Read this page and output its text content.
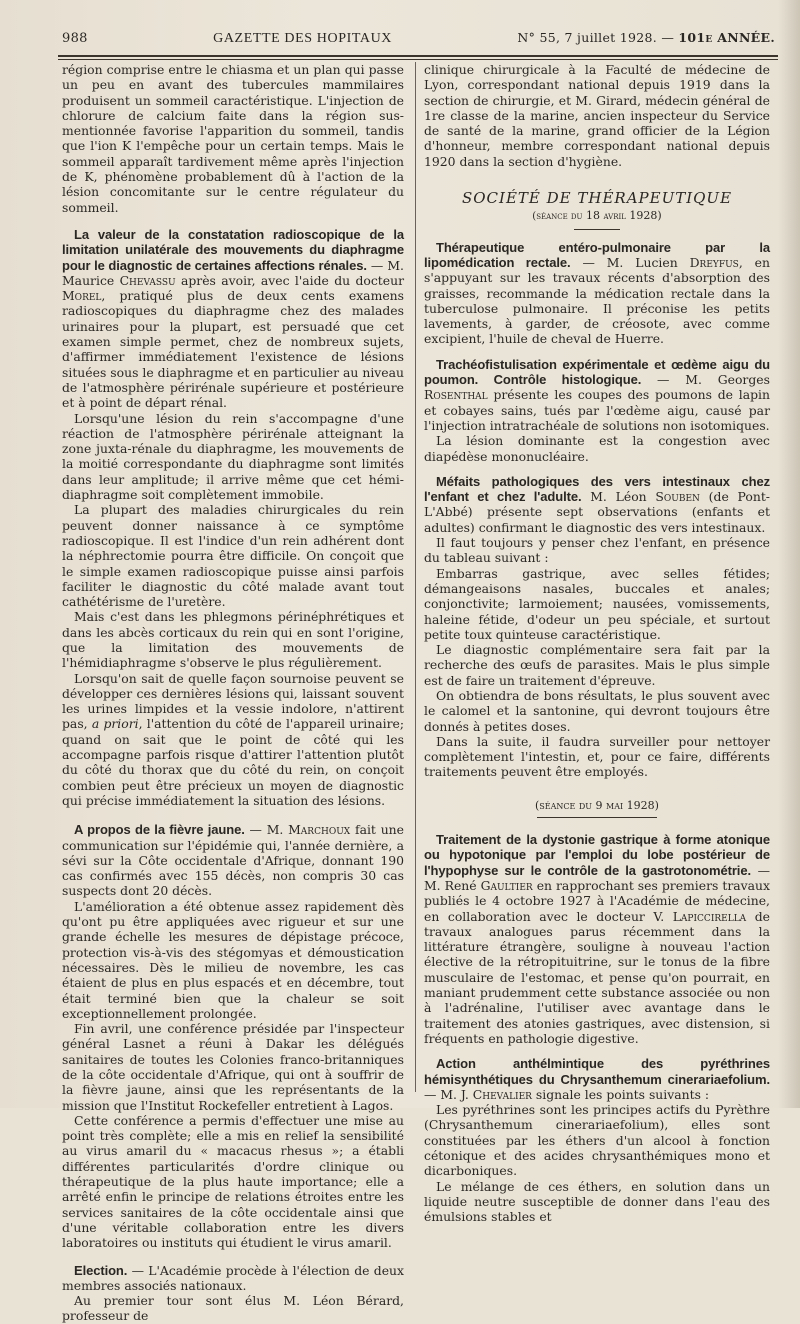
988	GAZETTE DES HOPITAUX	N° 55, 7 juillet 1928. — 101e ANNÉE.

région comprise entre le chiasma et un plan qui passe un peu en avant des tubercules mammilaires produisent un sommeil caractéristique. L'injection de chlorure de calcium faite dans la région sus-mentionnée favorise l'apparition du sommeil, tandis que l'ion K l'empêche pour un certain temps. Mais le sommeil apparaît tardivement même après l'injection de K, phénomène probablement dû à l'action de la lésion concomitante sur le centre régulateur du sommeil.

La valeur de la constatation radioscopique de la limitation unilatérale des mouvements du diaphragme pour le diagnostic de certaines affections rénales. — M. Maurice Chevassu après avoir, avec l'aide du docteur Morel, pratiqué plus de deux cents examens radioscopiques du diaphragme chez des malades urinaires pour la plupart, est persuadé que cet examen simple permet, chez de nombreux sujets, d'affirmer immédiatement l'existence de lésions situées sous le diaphragme et en particulier au niveau de l'atmosphère périrénale supérieure et postérieure et à point de départ rénal.

Lorsqu'une lésion du rein s'accompagne d'une réaction de l'atmosphère périrénale atteignant la zone juxta-rénale du diaphragme, les mouvements de la moitié correspondante du diaphragme sont limités dans leur amplitude; il arrive même que cet hémi-diaphragme soit complètement immobile.

La plupart des maladies chirurgicales du rein peuvent donner naissance à ce symptôme radioscopique. Il est l'indice d'un rein adhérent dont la néphrectomie pourra être difficile. On conçoit que le simple examen radioscopique puisse ainsi parfois faciliter le diagnostic du côté malade avant tout cathétérisme de l'uretère.

Mais c'est dans les phlegmons périnéphrétiques et dans les abcès corticaux du rein qui en sont l'origine, que la limitation des mouvements de l'hémidiaphragme s'observe le plus régulièrement.

Lorsqu'on sait de quelle façon sournoise peuvent se développer ces dernières lésions qui, laissant souvent les urines limpides et la vessie indolore, n'attirent pas, a priori, l'attention du côté de l'appareil urinaire; quand on sait que le point de côté qui les accompagne parfois risque d'attirer l'attention plutôt du côté du thorax que du côté du rein, on conçoit combien peut être précieux un moyen de diagnostic qui précise immédiatement la situation des lésions.

A propos de la fièvre jaune. — M. Marchoux fait une communication sur l'épidémie qui, l'année dernière, a sévi sur la Côte occidentale d'Afrique, donnant 190 cas confirmés avec 155 décès, non compris 30 cas suspects dont 20 décès.

L'amélioration a été obtenue assez rapidement dès qu'ont pu être appliquées avec rigueur et sur une grande échelle les mesures de dépistage précoce, protection vis-à-vis des stégomyas et démoustication nécessaires. Dès le milieu de novembre, les cas étaient de plus en plus espacés et en décembre, tout était terminé bien que la chaleur se soit exceptionnellement prolongée.

Fin avril, une conférence présidée par l'inspecteur général Lasnet a réuni à Dakar les délégués sanitaires de toutes les Colonies franco-britanniques de la côte occidentale d'Afrique, qui ont à souffrir de la fièvre jaune, ainsi que les représentants de la mission que l'Institut Rockefeller entretient à Lagos.

Cette conférence a permis d'effectuer une mise au point très complète; elle a mis en relief la sensibilité au virus amaril du « macacus rhesus »; a établi différentes particularités d'ordre clinique ou thérapeutique de la plus haute importance; elle a arrêté enfin le principe de relations étroites entre les services sanitaires de la côte occidentale ainsi que d'une véritable collaboration entre les divers laboratoires ou instituts qui étudient le virus amaril.

Election. — L'Académie procède à l'élection de deux membres associés nationaux.

Au premier tour sont élus M. Léon Bérard, professeur de

clinique chirurgicale à la Faculté de médecine de Lyon, correspondant national depuis 1919 dans la section de chirurgie, et M. Girard, médecin général de 1re classe de la marine, ancien inspecteur du Service de santé de la marine, grand officier de la Légion d'honneur, membre correspondant national depuis 1920 dans la section d'hygiène.

SOCIÉTÉ DE THÉRAPEUTIQUE

(séance du 18 avril 1928)

Thérapeutique entéro-pulmonaire par la lipomédication rectale. — M. Lucien Dreyfus, en s'appuyant sur les travaux récents d'absorption des graisses, recommande la médication rectale dans la tuberculose pulmonaire. Il préconise les petits lavements, à garder, de créosote, avec comme excipient, l'huile de cheval de Huerre.

Trachéofistulisation expérimentale et œdème aigu du poumon. Contrôle histologique. — M. Georges Rosenthal présente les coupes des poumons de lapin et cobayes sains, tués par l'œdème aigu, causé par l'injection intratrachéale de solutions non isotomiques.

La lésion dominante est la congestion avec diapédèse mononucléaire.

Méfaits pathologiques des vers intestinaux chez l'enfant et chez l'adulte. M. Léon Souben (de Pont-L'Abbé) présente sept observations (enfants et adultes) confirmant le diagnostic des vers intestinaux.

Il faut toujours y penser chez l'enfant, en présence du tableau suivant :

Embarras gastrique, avec selles fétides; démangeaisons nasales, buccales et anales; conjonctivite; larmoiement; nausées, vomissements, haleine fétide, d'odeur un peu spéciale, et surtout petite toux quinteuse caractéristique.

Le diagnostic complémentaire sera fait par la recherche des œufs de parasites. Mais le plus simple est de faire un traitement d'épreuve.

On obtiendra de bons résultats, le plus souvent avec le calomel et la santonine, qui devront toujours être donnés à petites doses.

Dans la suite, il faudra surveiller pour nettoyer complètement l'intestin, et, pour ce faire, différents traitements peuvent être employés.

(séance du 9 mai 1928)

Traitement de la dystonie gastrique à forme atonique ou hypotonique par l'emploi du lobe postérieur de l'hypophyse sur le contrôle de la gastrotonométrie. — M. René Gaultier en rapprochant ses premiers travaux publiés le 4 octobre 1927 à l'Académie de médecine, en collaboration avec le docteur V. Lapiccirella de travaux analogues parus récemment dans la littérature étrangère, souligne à nouveau l'action élective de la rétropituitrine, sur le tonus de la fibre musculaire de l'estomac, et pense qu'on pourrait, en maniant prudemment cette substance associée ou non à l'adrénaline, l'utiliser avec avantage dans le traitement des atonies gastriques, avec distension, si fréquents en pathologie digestive.

Action anthélmintique des pyréthrines hémisynthétiques du Chrysanthemum cinerariaefolium. — M. J. Chevalier signale les points suivants :

Les pyréthrines sont les principes actifs du Pyrèthre (Chrysanthemum cinerariaefolium), elles sont constituées par les éthers d'un alcool à fonction cétonique et des acides chrysanthémiques mono et dicarboniques.

Le mélange de ces éthers, en solution dans un liquide neutre susceptible de donner dans l'eau des émulsions stables et
